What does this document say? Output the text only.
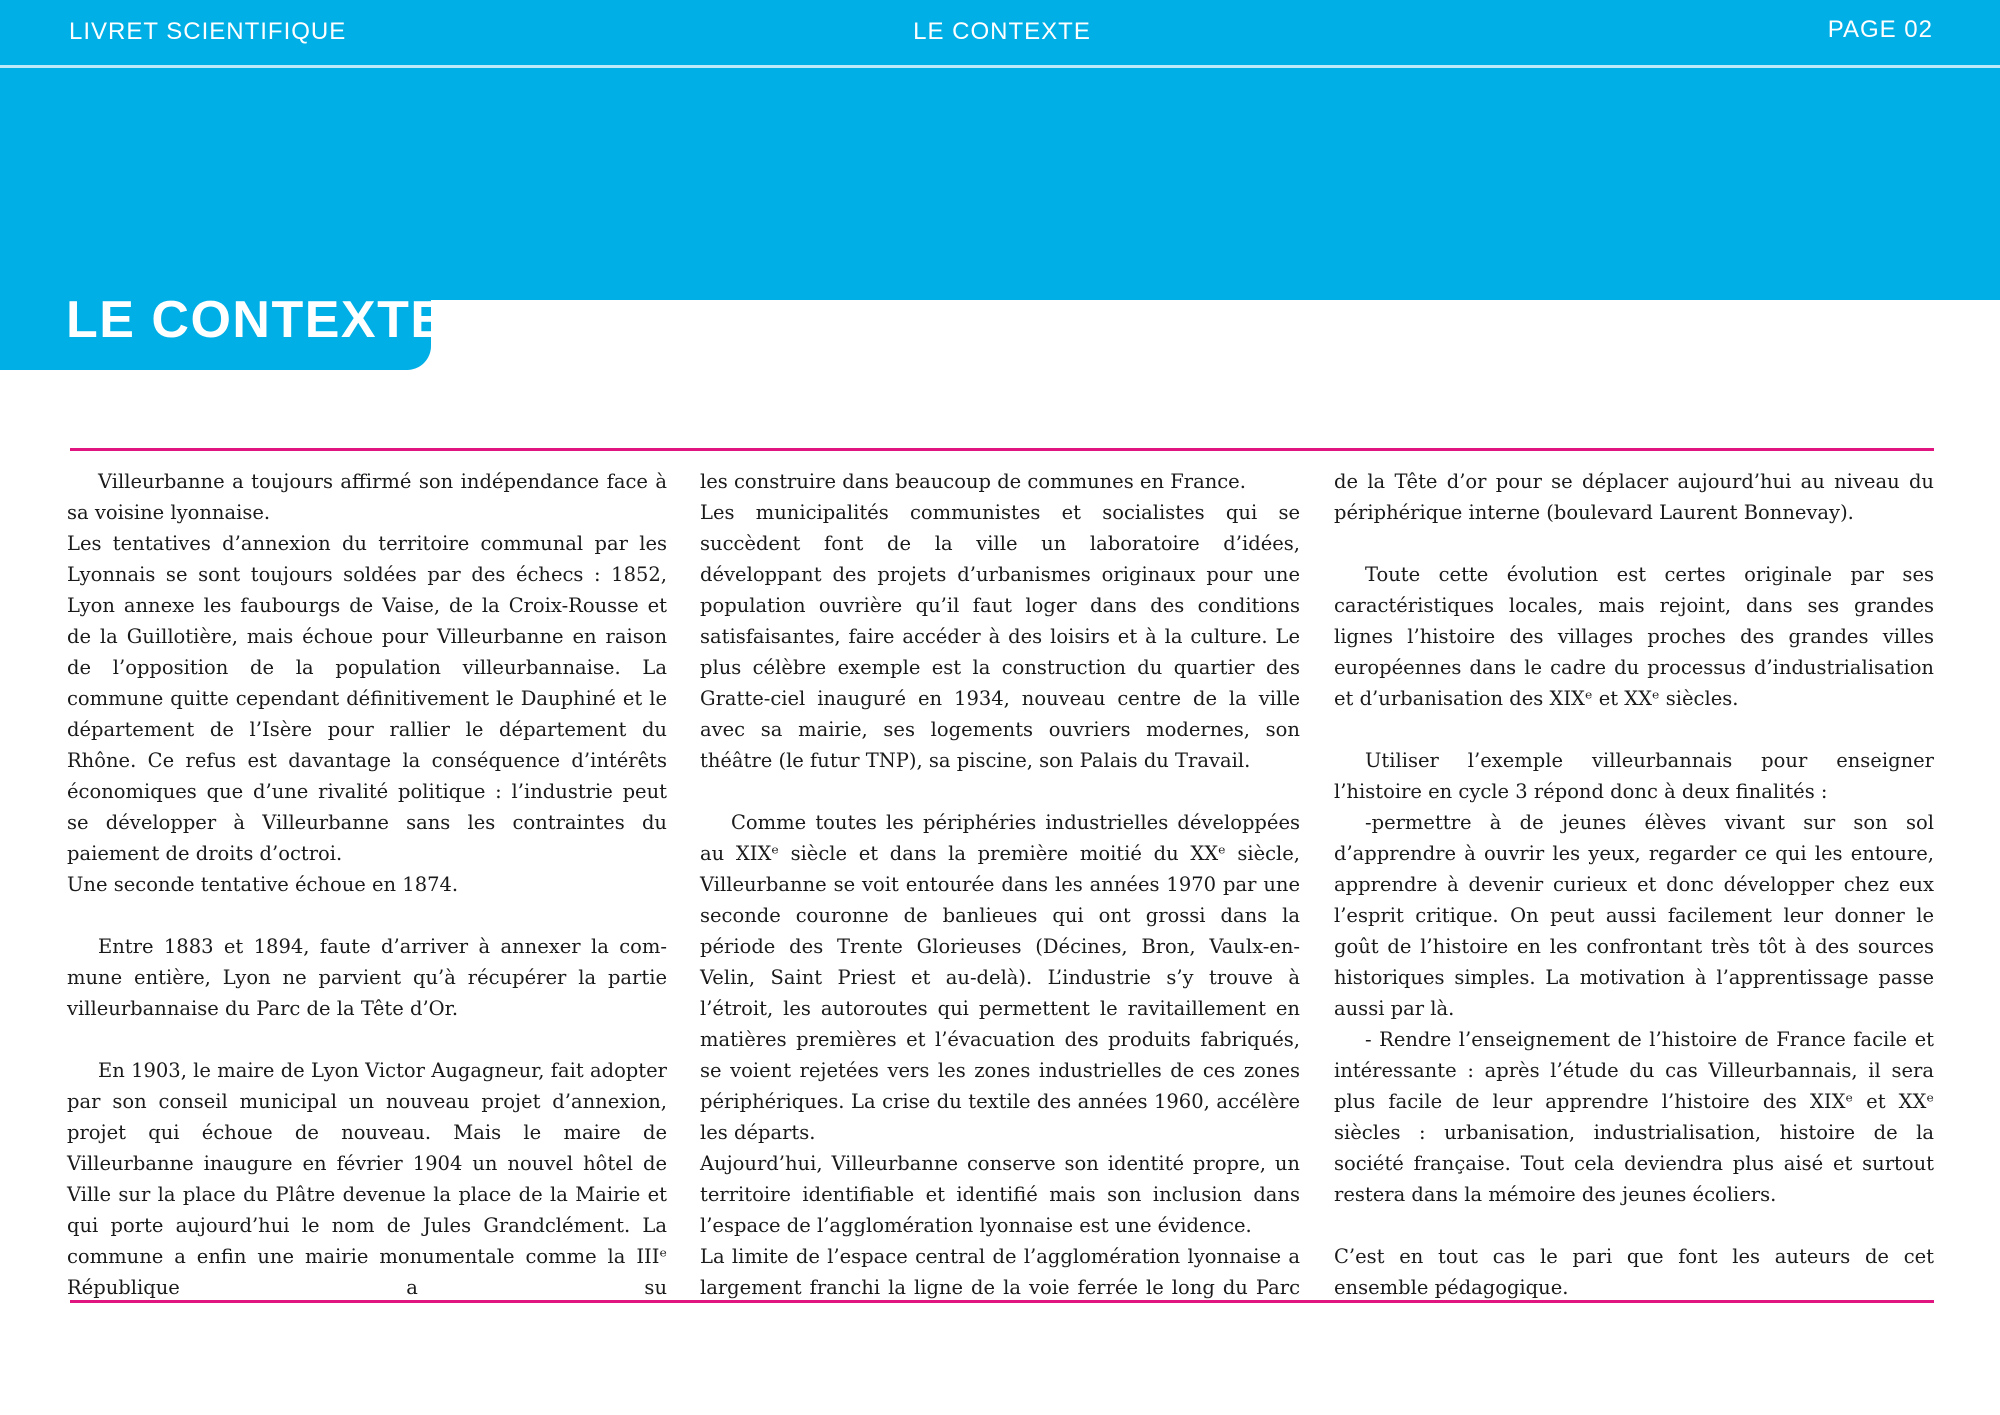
LIVRET SCIENTIFIQUE	LE CONTEXTE	PAGE 02
LE CONTEXTE

Villeurbanne a toujours affirmé son indépendance face à sa voisine lyonnaise.

Les tentatives d’annexion du territoire communal par les Lyonnais se sont toujours soldées par des échecs : 1852, Lyon annexe les faubourgs de Vaise, de la Croix-Rousse et de la Guillotière, mais échoue pour Villeurbanne en raison de l’opposition de la population villeurbannaise. La commune quitte cependant définitivement le Dauphiné et le département de l’Isère pour rallier le département du Rhône. Ce refus est davantage la conséquence d’intérêts économiques que d’une rivalité politique : l’industrie peut se développer à Villeurbanne sans les contraintes du paiement de droits d’octroi.

Une seconde tentative échoue en 1874.

Entre 1883 et 1894, faute d’arriver à annexer la commune entière, Lyon ne parvient qu’à récupérer la partie villeurbannaise du Parc de la Tête d’Or.

En 1903, le maire de Lyon Victor Augagneur, fait adopter par son conseil municipal un nouveau projet d’annexion, projet qui échoue de nouveau. Mais le maire de Villeurbanne inaugure en février 1904 un nouvel hôtel de Ville sur la place du Plâtre devenue la place de la Mairie et qui porte aujourd’hui le nom de Jules Grandclément. La commune a enfin une mairie monumentale comme la IIIᵉ République a su

les construire dans beaucoup de communes en France.

Les municipalités communistes et socialistes qui se succèdent font de la ville un laboratoire d’idées, développant des projets d’urbanismes originaux pour une population ouvrière qu’il faut loger dans des conditions satisfaisantes, faire accéder à des loisirs et à la culture. Le plus célèbre exemple est la construction du quartier des Gratte-ciel inauguré en 1934, nouveau centre de la ville avec sa mairie, ses logements ouvriers modernes, son théâtre (le futur TNP), sa piscine, son Palais du Travail.

Comme toutes les périphéries industrielles développées au XIXᵉ siècle et dans la première moitié du XXᵉ siècle, Villeurbanne se voit entourée dans les années 1970 par une seconde couronne de banlieues qui ont grossi dans la période des Trente Glorieuses (Décines, Bron, Vaulx-en-Velin, Saint Priest et au-delà). L’industrie s’y trouve à l’étroit, les autoroutes qui permettent le ravitaillement en matières premières et l’évacuation des produits fabriqués, se voient rejetées vers les zones industrielles de ces zones périphériques. La crise du textile des années 1960, accélère les départs.

Aujourd’hui, Villeurbanne conserve son identité propre, un territoire identifiable et identifié mais son inclusion dans l’espace de l’agglomération lyonnaise est une évidence.

La limite de l’espace central de l’agglomération lyonnaise a largement franchi la ligne de la voie ferrée le long du Parc

de la Tête d’or pour se déplacer aujourd’hui au niveau du périphérique interne (boulevard Laurent Bonnevay).

Toute cette évolution est certes originale par ses caractéristiques locales, mais rejoint, dans ses grandes lignes l’histoire des villages proches des grandes villes européennes dans le cadre du processus d’industrialisation et d’urbanisation des XIXᵉ et XXᵉ siècles.

Utiliser l’exemple villeurbannais pour enseigner l’histoire en cycle 3 répond donc à deux finalités :

-permettre à de jeunes élèves vivant sur son sol d’apprendre à ouvrir les yeux, regarder ce qui les entoure, apprendre à devenir curieux et donc développer chez eux l’esprit critique. On peut aussi facilement leur donner le goût de l’histoire en les confrontant très tôt à des sources historiques simples. La motivation à l’apprentissage passe aussi par là.

- Rendre l’enseignement de l’histoire de France facile et intéressante : après l’étude du cas Villeurbannais, il sera plus facile de leur apprendre l’histoire des XIXᵉ et XXᵉ siècles : urbanisation, industrialisation, histoire de la société française. Tout cela deviendra plus aisé et surtout restera dans la mémoire des jeunes écoliers.

C’est en tout cas le pari que font les auteurs de cet ensemble pédagogique.
